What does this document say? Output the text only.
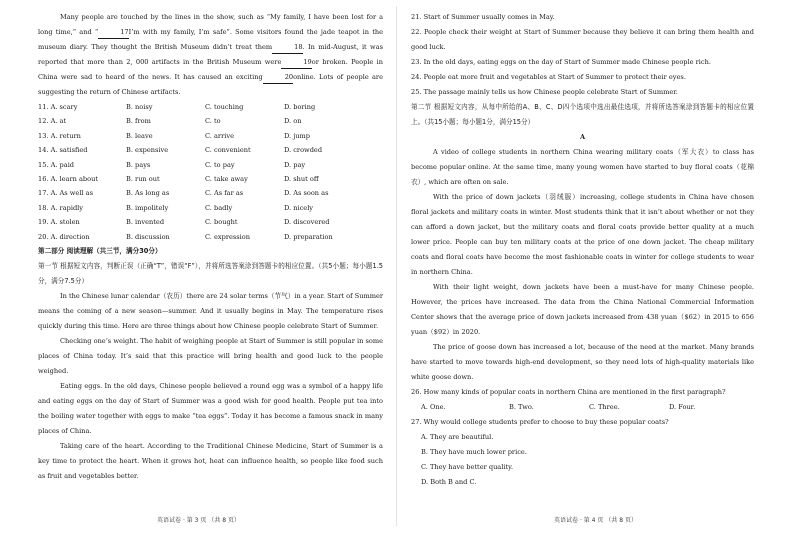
Many people are touched by the lines in the show, such as “My family, I have been lost for a long time,” and “	17I’m with my family, I’m safe”. Some visitors found the jade teapot in the museum diary. They thought the British Museum didn’t treat them	18. In mid-August, it was reported that more than 2, 000 artifacts in the British Museum were	19or broken. People in China were sad to heard of the news. It has caused an exciting	20online. Lots of people are suggesting the return of Chinese artifacts.

11. A. scary	B. noisy	C. touching	D. boring
12. A. at	B. from	C. to	D. on
13. A. return	B. leave	C. arrive	D. jump
14. A. satisfied	B. expensive	C. convenient	D. crowded
15. A. paid	B. pays	C. to pay	D. pay
16. A. learn about	B. run out	C. take away	D. shut off
17. A. As well as	B. As long as	C. As far as	D. As soon as
18. A. rapidly	B. impolitely	C. badly	D. nicely
19. A. stolen	B. invented	C. bought	D. discovered
20. A. direction	B. discussion	C. expression	D. preparation

第二部分 阅读理解（共三节，满分30分）

第一节 根据短文内容，判断正误（正确“T”，错误“F”），并将所选答案涂到答题卡的相应位置。（共5小题；每小题1.5分，满分7.5分）

In the Chinese lunar calendar（农历）there are 24 solar terms（节气）in a year. Start of Summer means the coming of a new season—summer. And it usually begins in May. The temperature rises quickly during this time. Here are three things about how Chinese people celebrate Start of Summer.

Checking one’s weight. The habit of weighing people at Start of Summer is still popular in some places of China today. It’s said that this practice will bring health and good luck to the people weighed.

Eating eggs. In the old days, Chinese people believed a round egg was a symbol of a happy life and eating eggs on the day of Start of Summer was a good wish for good health. People put tea into the boiling water together with eggs to make “tea eggs”. Today it has become a famous snack in many places of China.

Taking care of the heart. According to the Traditional Chinese Medicine, Start of Summer is a key time to protect the heart. When it grows hot, heat can influence health, so people like food such as fruit and vegetables better.

英语试卷 · 第 3 页 （共 8 页）

21. Start of Summer usually comes in May.

22. People check their weight at Start of Summer because they believe it can bring them health and good luck.

23. In the old days, eating eggs on the day of Start of Summer made Chinese people rich.

24. People eat more fruit and vegetables at Start of Summer to protect their eyes.

25. The passage mainly tells us how Chinese people celebrate Start of Summer.

第二节 根据短文内容，从每中所给的A、B、C、D四个选项中选出最佳选项，并将所选答案涂到答题卡的相应位置上。（共15小题；每小题1分，满分15分）

A

A video of college students in northern China wearing military coats（军大衣）to class has become popular online. At the same time, many young women have started to buy floral coats（花棉衣）, which are often on sale.

With the price of down jackets（羽绒服）increasing, college students in China have chosen floral jackets and military coats in winter. Most students think that it isn’t about whether or not they can afford a down jacket, but the military coats and floral coats provide better quality at a much lower price. People can buy ten military coats at the price of one down jacket. The cheap military coats and floral coats have become the most fashionable coats in winter for college students to wear in northern China.

With their light weight, down jackets have been a must-have for many Chinese people. However, the prices have increased. The data from the China National Commercial Information Center shows that the average price of down jackets increased from 438 yuan（$62）in 2015 to 656 yuan（$92）in 2020.

The price of goose down has increased a lot, because of the need at the market. Many brands have started to move towards high-end development, so they need lots of high-quality materials like white goose down.

26. How many kinds of popular coats in northern China are mentioned in the first paragraph?

A. One.	B. Two.	C. Three.	D. Four.

27. Why would college students prefer to choose to buy these popular coats?

A. They are beautiful.

B. They have much lower price.

C. They have better quality.

D. Both B and C.

英语试卷 · 第 4 页 （共 8 页）
